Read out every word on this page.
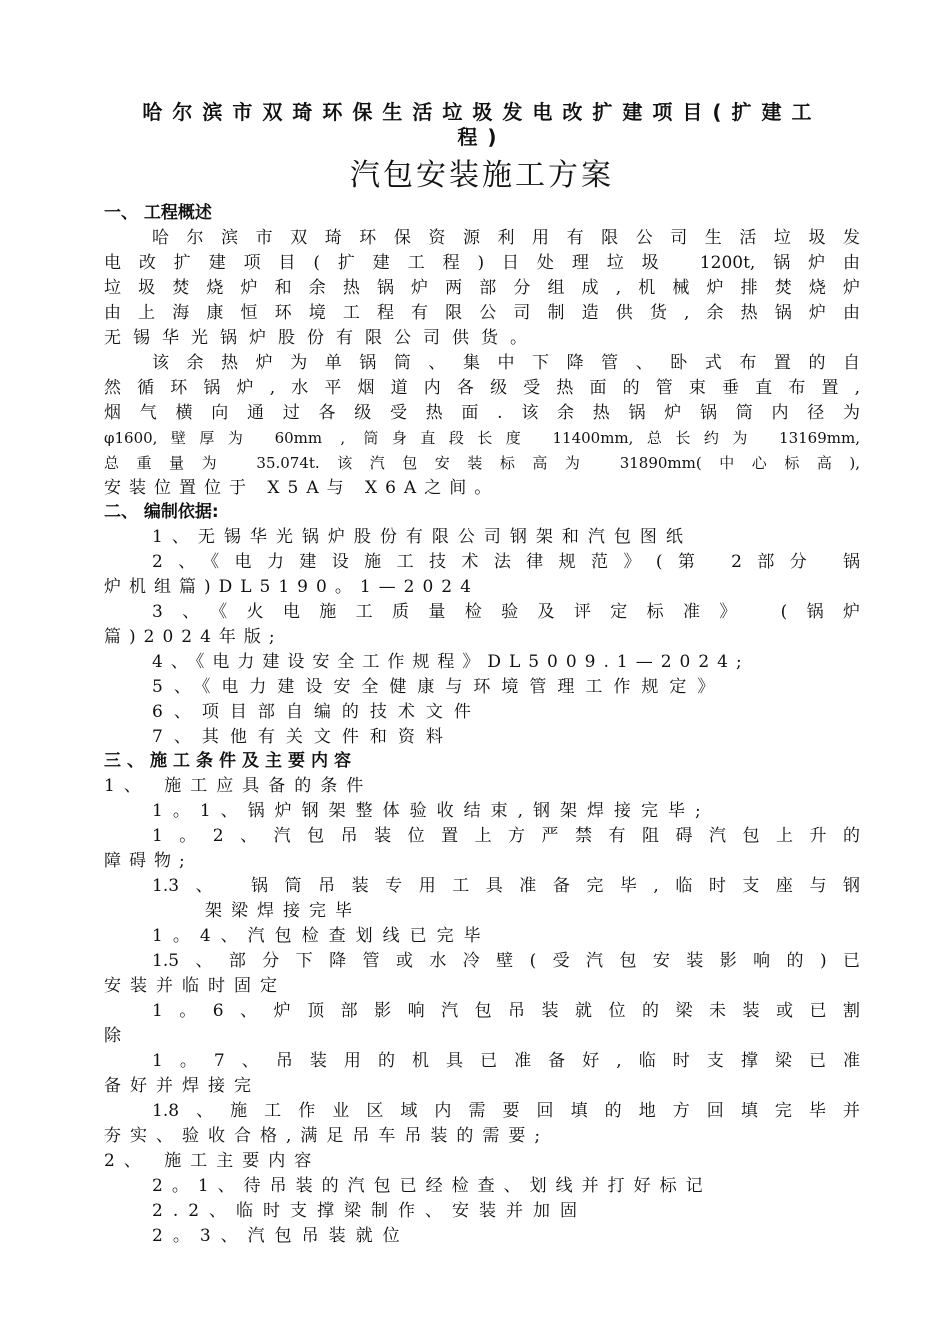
哈尔滨市双琦环保生活垃圾发电改扩建项目(扩建工
程)
汽包安装施工方案
一、 工程概述
哈尔滨市双琦环保资源利用有限公司生活垃圾发
电改扩建项目(扩建工程)日处理垃圾 1200t,锅炉由
垃圾焚烧炉和余热锅炉两部分组成,机械炉排焚烧炉
由上海康恒环境工程有限公司制造供货,余热锅炉由
无锡华光锅炉股份有限公司供货。
该余热炉为单锅筒、集中下降管、卧式布置的自
然循环锅炉,水平烟道内各级受热面的管束垂直布置,
烟气横向通过各级受热面.该余热锅炉锅筒内径为
φ1600,壁厚为 60mm , 筒身直段长度 11400mm,总长约为 13169mm,
总重量为 35.074t.该汽包安装标高为 31890mm(中心标高),
安装位置位于 X5A与 X6A之间。
二、 编制依据:
1、无锡华光锅炉股份有限公司钢架和汽包图纸
2、《电力建设施工技术法律规范》(第 2部分 锅
炉机组篇)DL5190。1—2024
3、《火电施工质量检验及评定标准》 (锅炉
篇)2024年版;
4、《电力建设安全工作规程》DL5009.1—2024;
5、《电力建设安全健康与环境管理工作规定》
6、项目部自编的技术文件
7、其他有关文件和资料
三、施工条件及主要内容
1、 施工应具备的条件
1。1、锅炉钢架整体验收结束,钢架焊接完毕;
1。2、汽包吊装位置上方严禁有阻碍汽包上升的
障碍物;
1.3、 锅筒吊装专用工具准备完毕,临时支座与钢
架梁焊接完毕
1。4、汽包检查划线已完毕
1.5、部分下降管或水冷壁(受汽包安装影响的)已
安装并临时固定
1。6、炉顶部影响汽包吊装就位的梁未装或已割
除
1。7、吊装用的机具已准备好,临时支撑梁已准
备好并焊接完
1.8、施工作业区域内需要回填的地方回填完毕并
夯实、验收合格,满足吊车吊装的需要;
2、 施工主要内容
2。1、待吊装的汽包已经检查、划线并打好标记
2.2、临时支撑梁制作、安装并加固
2。3、汽包吊装就位
